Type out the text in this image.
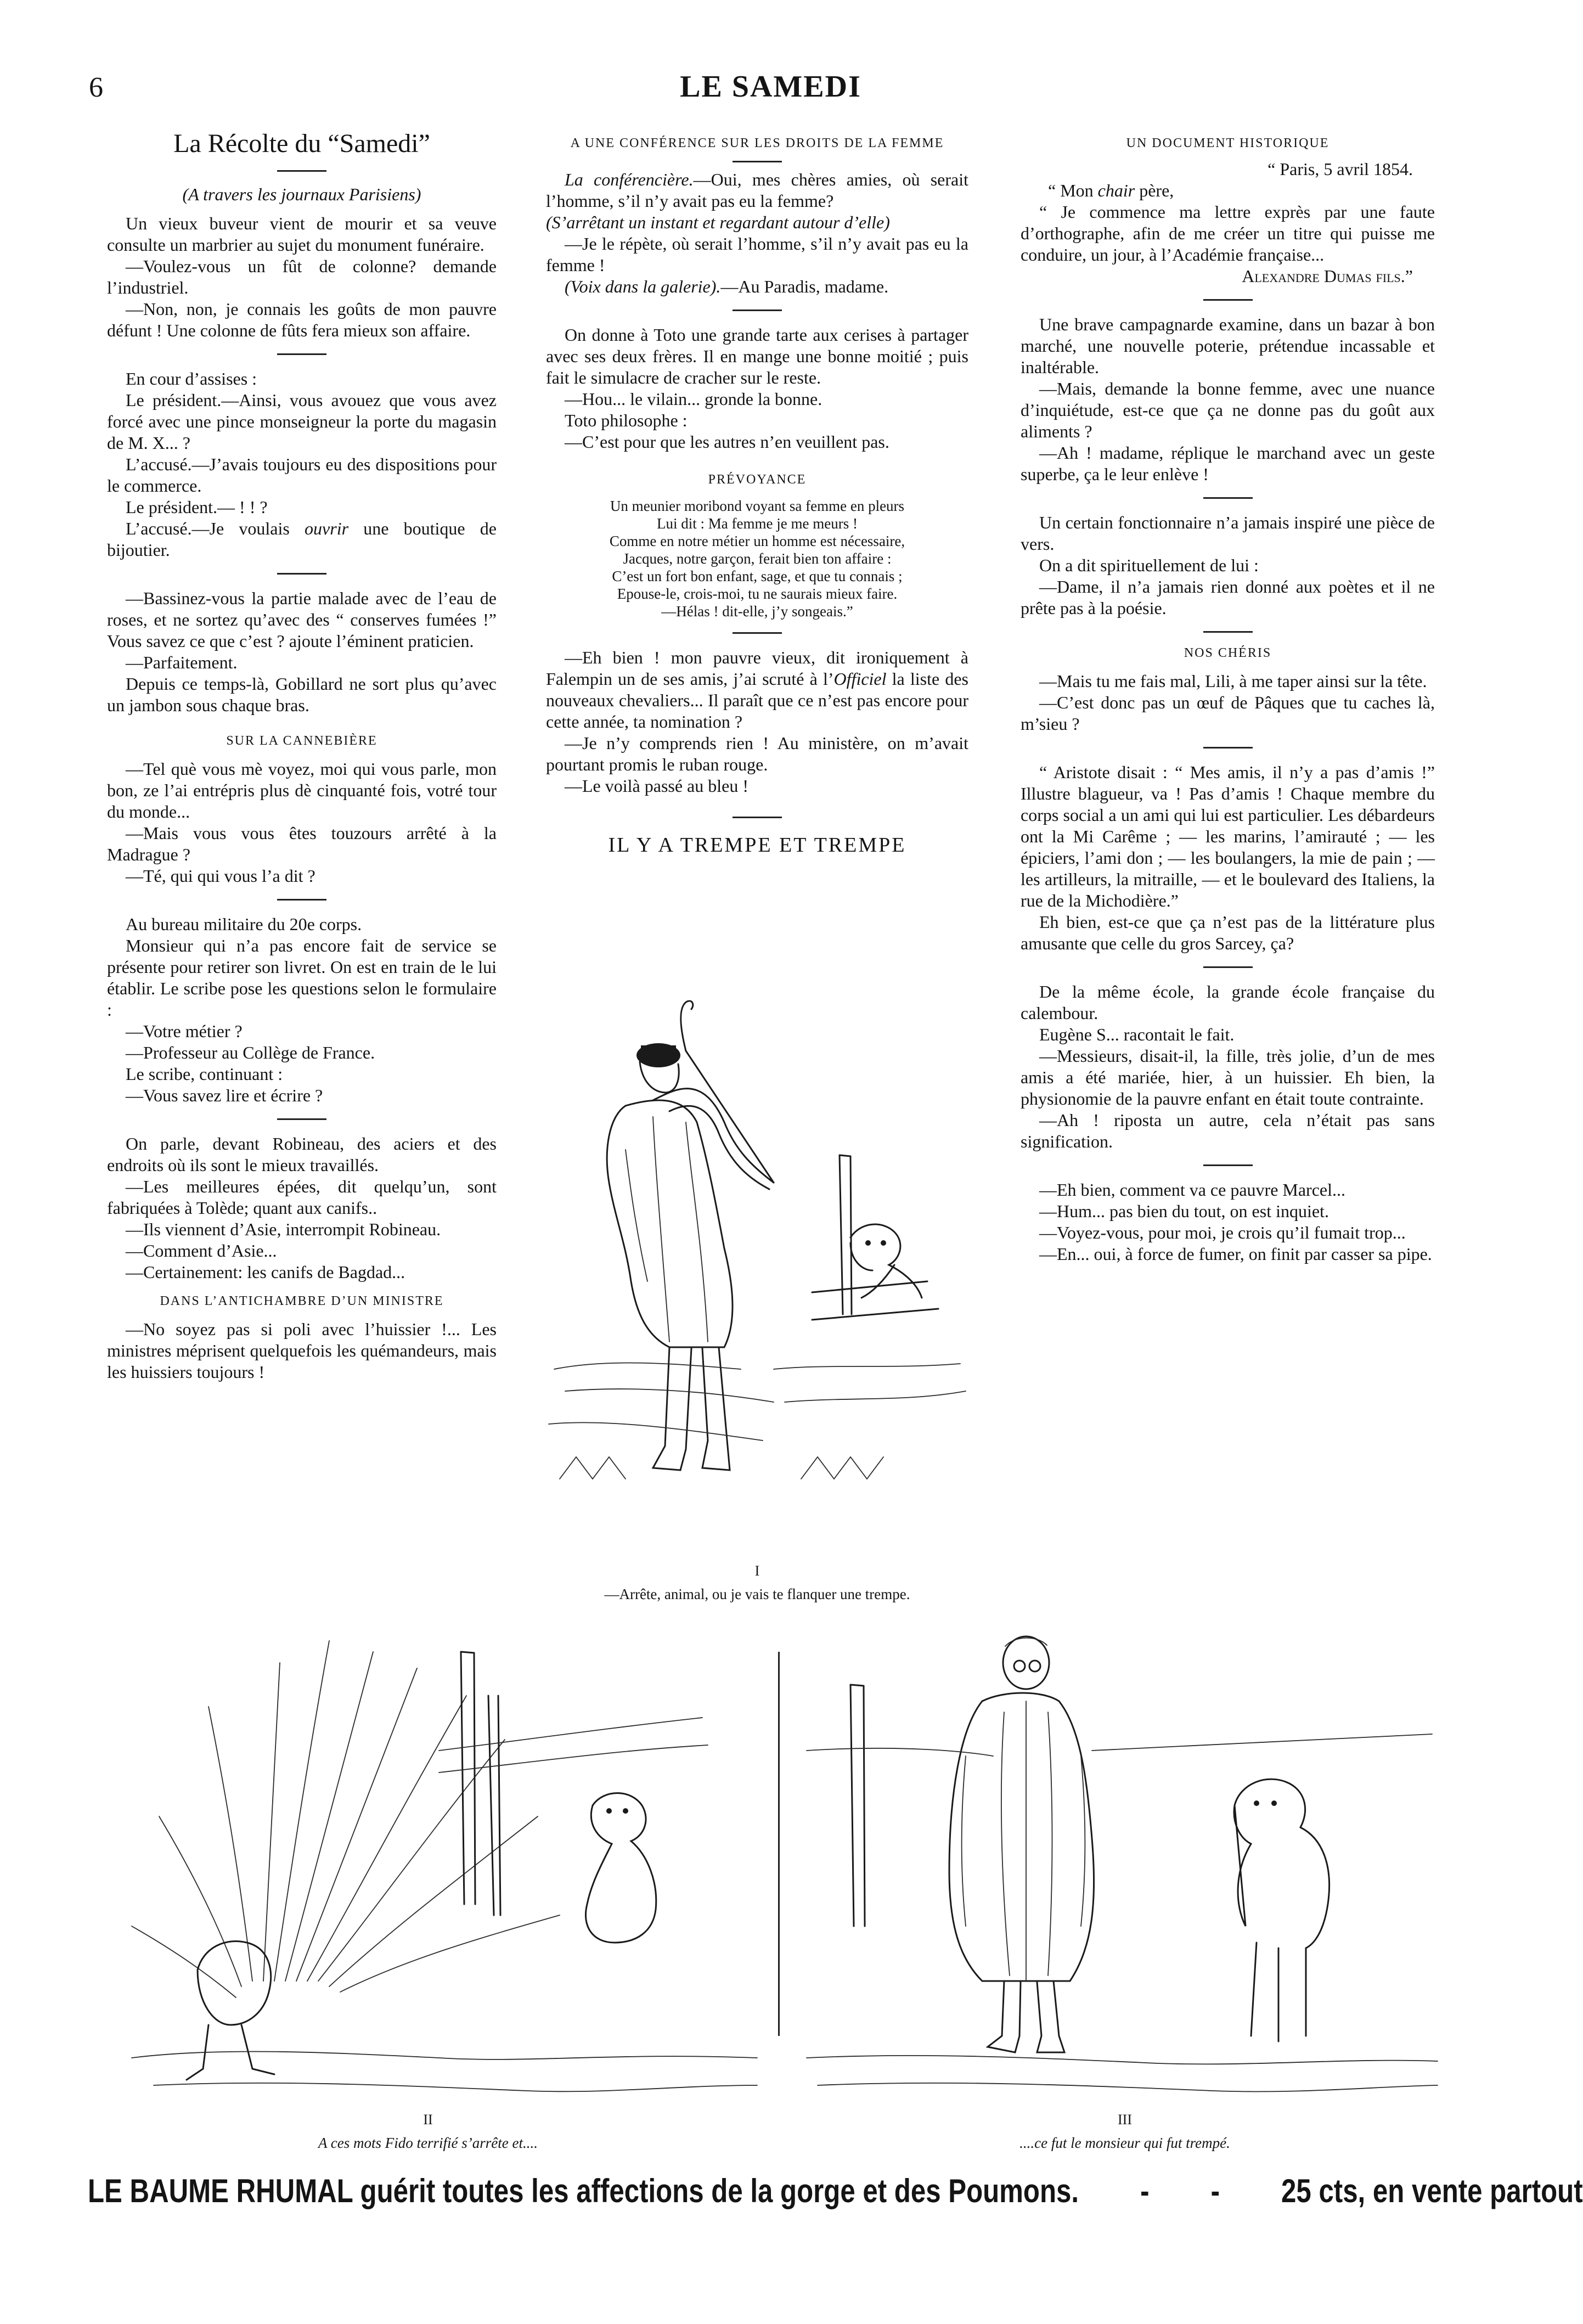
6	LE SAMEDI
La Récolte du “Samedi”
(A travers les journaux Parisiens)

Un vieux buveur vient de mourir et sa veuve consulte un marbrier au sujet du monument funéraire.

—Voulez-vous un fût de colonne? demande l’industriel.

—Non, non, je connais les goûts de mon pauvre défunt ! Une colonne de fûts fera mieux son affaire.

En cour d’assises :

Le président.—Ainsi, vous avouez que vous avez forcé avec une pince monseigneur la porte du magasin de M. X... ?

L’accusé.—J’avais toujours eu des dispositions pour le commerce.

Le président.— ! ! ?

L’accusé.—Je voulais ouvrir une boutique de bijoutier.

—Bassinez-vous la partie malade avec de l’eau de roses, et ne sortez qu’avec des “ conserves fumées !” Vous savez ce que c’est ? ajoute l’éminent praticien.

—Parfaitement.

Depuis ce temps-là, Gobillard ne sort plus qu’avec un jambon sous chaque bras.

SUR LA CANNEBIÈRE

—Tel què vous mè voyez, moi qui vous parle, mon bon, ze l’ai entrépris plus dè cinquanté fois, votré tour du monde...

—Mais vous vous êtes touzours arrêté à la Madrague ?

—Té, qui qui vous l’a dit ?

Au bureau militaire du 20e corps.

Monsieur qui n’a pas encore fait de service se présente pour retirer son livret. On est en train de le lui établir. Le scribe pose les questions selon le formulaire :

—Votre métier ?

—Professeur au Collège de France.

Le scribe, continuant :

—Vous savez lire et écrire ?

On parle, devant Robineau, des aciers et des endroits où ils sont le mieux travaillés.

—Les meilleures épées, dit quelqu’un, sont fabriquées à Tolède; quant aux canifs..

—Ils viennent d’Asie, interrompit Robineau.

—Comment d’Asie...

—Certainement: les canifs de Bagdad...

DANS L’ANTICHAMBRE D’UN MINISTRE

—No soyez pas si poli avec l’huissier !... Les ministres méprisent quelquefois les quémandeurs, mais les huissiers toujours !

A UNE CONFÉRENCE SUR LES DROITS DE LA FEMME

La conférencière.—Oui, mes chères amies, où serait l’homme, s’il n’y avait pas eu la femme?

(S’arrêtant un instant et regardant autour d’elle)

—Je le répète, où serait l’homme, s’il n’y avait pas eu la femme !

(Voix dans la galerie).—Au Paradis, madame.

On donne à Toto une grande tarte aux cerises à partager avec ses deux frères. Il en mange une bonne moitié ; puis fait le simulacre de cracher sur le reste.

—Hou... le vilain... gronde la bonne.

Toto philosophe :

—C’est pour que les autres n’en veuillent pas.

PRÉVOYANCE
Un meunier moribond voyant sa femme en pleurs
Lui dit : Ma femme je me meurs !
Comme en notre métier un homme est nécessaire,
Jacques, notre garçon, ferait bien ton affaire :
C’est un fort bon enfant, sage, et que tu connais ;
Epouse-le, crois-moi, tu ne saurais mieux faire.
—Hélas ! dit-elle, j’y songeais.”

—Eh bien ! mon pauvre vieux, dit ironiquement à Falempin un de ses amis, j’ai scruté à l’Officiel la liste des nouveaux chevaliers... Il paraît que ce n’est pas encore pour cette année, ta nomination ?

—Je n’y comprends rien ! Au ministère, on m’avait pourtant promis le ruban rouge.

—Le voilà passé au bleu !

IL Y A TREMPE ET TREMPE
I
—Arrête, animal, ou je vais te flanquer une trempe.
UN DOCUMENT HISTORIQUE

“ Paris, 5 avril 1854.

“ Mon chair père,

“ Je commence ma lettre exprès par une faute d’orthographe, afin de me créer un titre qui puisse me conduire, un jour, à l’Académie française...

Alexandre Dumas fils.”

Une brave campagnarde examine, dans un bazar à bon marché, une nouvelle poterie, prétendue incassable et inaltérable.

—Mais, demande la bonne femme, avec une nuance d’inquiétude, est-ce que ça ne donne pas du goût aux aliments ?

—Ah ! madame, réplique le marchand avec un geste superbe, ça le leur enlève !

Un certain fonctionnaire n’a jamais inspiré une pièce de vers.

On a dit spirituellement de lui :

—Dame, il n’a jamais rien donné aux poètes et il ne prête pas à la poésie.

NOS CHÉRIS

—Mais tu me fais mal, Lili, à me taper ainsi sur la tête.

—C’est donc pas un œuf de Pâques que tu caches là, m’sieu ?

“ Aristote disait : “ Mes amis, il n’y a pas d’amis !” Illustre blagueur, va ! Pas d’amis ! Chaque membre du corps social a un ami qui lui est particulier. Les débardeurs ont la Mi Carême ; — les marins, l’amirauté ; — les épiciers, l’ami don ; — les boulangers, la mie de pain ; — les artilleurs, la mitraille, — et le boulevard des Italiens, la rue de la Michodière.”

Eh bien, est-ce que ça n’est pas de la littérature plus amusante que celle du gros Sarcey, ça?

De la même école, la grande école française du calembour.

Eugène S... racontait le fait.

—Messieurs, disait-il, la fille, très jolie, d’un de mes amis a été mariée, hier, à un huissier. Eh bien, la physionomie de la pauvre enfant en était toute contrainte.

—Ah ! riposta un autre, cela n’était pas sans signification.

—Eh bien, comment va ce pauvre Marcel...

—Hum... pas bien du tout, on est inquiet.

—Voyez-vous, pour moi, je crois qu’il fumait trop...

—En... oui, à force de fumer, on finit par casser sa pipe.

II
A ces mots Fido terrifié s’arrête et....
III
....ce fut le monsieur qui fut trempé.
LE BAUME RHUMAL guérit toutes les affections de la gorge et des Poumons. - - 25 cts, en vente partout
